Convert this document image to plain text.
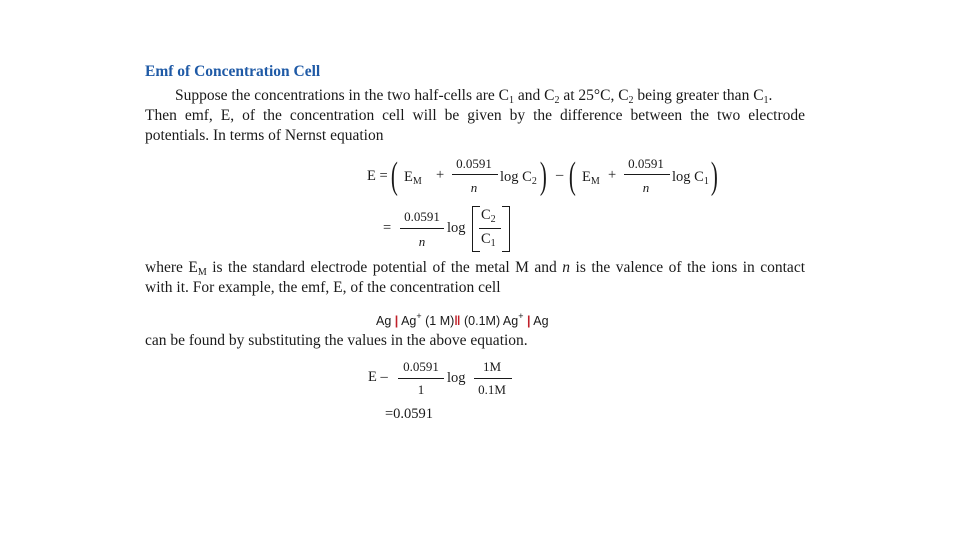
Emf of Concentration Cell
Suppose the concentrations in the two half-cells are $C_1$ and $C_2$ at 25°C, $C_2$ being greater than $C_1$.
Then emf, E, of the concentration cell will be given by the difference between the two electrode
potentials. In terms of Nernst equation
E = ( $E_M$ +
0.0591
n
$\log C_2$ ) – ( $E_M$ +
0.0591
n
$\log C_1$ )
=
0.0591
n
log
$C_2$
$C_1$
where $E_M$ is the standard electrode potential of the metal M and n is the valence of the ions in contact
with it. For example, the emf, E, of the concentration cell
Ag | Ag+ (1 M)‖ (0.1M) Ag+ | Ag
can be found by substituting the values in the above equation.
E –
0.0591
1
log
1M
0.1M
=0.0591
